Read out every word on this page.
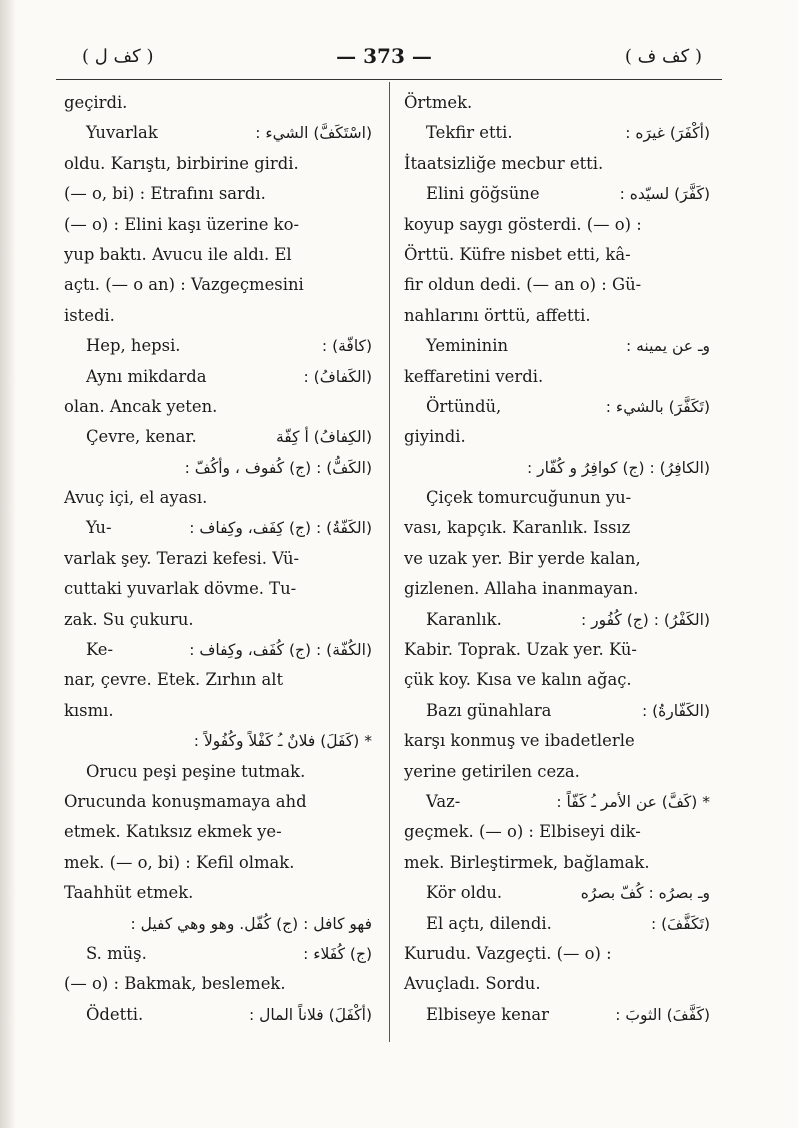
( كف ل )	— 373 —	( كف ف )
geçirdi.
Yuvarlak	(اسْتَكَفَّ) الشيء :
oldu. Karıştı, birbirine girdi.
(— o, bi) : Etrafını sardı.
(— o) : Elini kaşı üzerine ko-
yup baktı. Avucu ile aldı. El
açtı. (— o an) : Vazgeçmesini
istedi.
Hep, hepsi.	(كافّة) :
Aynı mikdarda	(الكَفافُ) :
olan. Ancak yeten.
Çevre, kenar.	(الكِفافُ) أ كِفّة
(الكَفُّ) : (ج) كُفوف ، وأكُفّ :
Avuç içi, el ayası.
Yu-	(الكَفّةُ) : (ج) كِفَف، وكِفاف :
varlak şey. Terazi kefesi. Vü-
cuttaki yuvarlak dövme. Tu-
zak. Su çukuru.
Ke-	(الكُفّة) : (ج) كُفَف، وكِفاف :
nar, çevre. Etek. Zırhın alt
kısmı.
* (كَفَلَ) فلانٌ ـُ كَفْلاً وكُفُولاً :
Orucu peşi peşine tutmak.
Orucunda konuşmamaya ahd
etmek. Katıksız ekmek ye-
mek. (— o, bi) : Kefil olmak.
Taahhüt etmek.
فهو كافل : (ج) كُفّل. وهو وهي كفيل :
S. müş.	(ج) كُفَلاء :
(— o) : Bakmak, beslemek.
Ödetti.	(أكْفَلَ) فلاناً المال :
Örtmek.
Tekfir etti.	(أكْفَرَ) غيرَه :
İtaatsizliğe mecbur etti.
Elini göğsüne	(كَفَّرَ) لسيّده :
koyup saygı gösterdi. (— o) :
Örttü. Küfre nisbet etti, kâ-
fir oldun dedi. (— an o) : Gü-
nahlarını örttü, affetti.
Yemininin	وـ عن يمينه :
keffaretini verdi.
Örtündü,	(تَكَفَّرَ) بالشيء :
giyindi.
(الكافِرُ) : (ج) كوافِرُ و كُفّار :
Çiçek tomurcuğunun yu-
vası, kapçık. Karanlık. Issız
ve uzak yer. Bir yerde kalan,
gizlenen. Allaha inanmayan.
Karanlık.	(الكَفْرُ) : (ج) كُفُور :
Kabir. Toprak. Uzak yer. Kü-
çük koy. Kısa ve kalın ağaç.
Bazı günahlara	(الكَفّارةُ) :
karşı konmuş ve ibadetlerle
yerine getirilen ceza.
Vaz-	* (كَفَّ) عن الأمر ـُ كَفّاً :
geçmek. (— o) : Elbiseyi dik-
mek. Birleştirmek, bağlamak.
Kör oldu.	وـ بصرُه : كُفّ بصرُه
El açtı, dilendi.	(تَكَفَّفَ) :
Kurudu. Vazgeçti. (— o) :
Avuçladı. Sordu.
Elbiseye kenar	(كَفَّفَ) الثوبَ :
